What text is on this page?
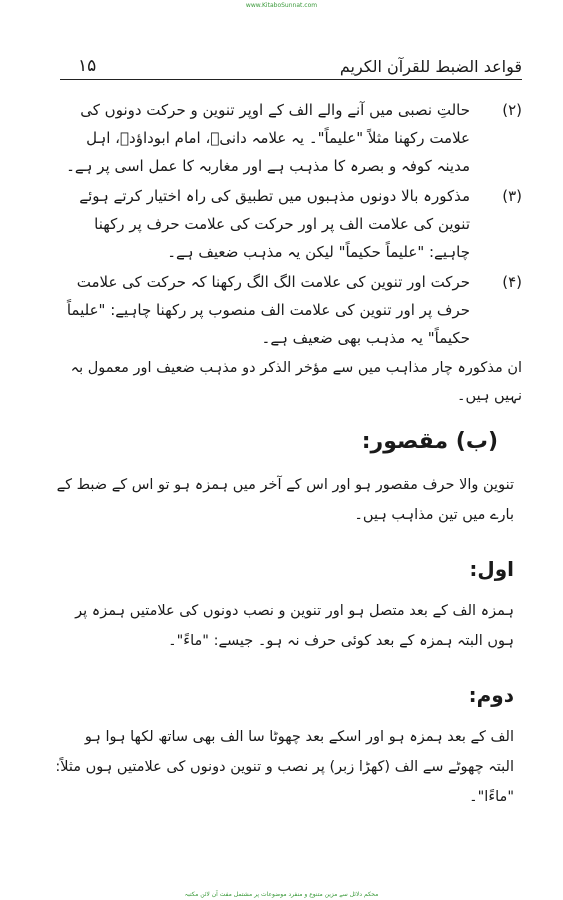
www.KitaboSunnat.com
۱۵	قواعد الضبط للقرآن الكريم
(۲)
حالتِ نصبی میں آنے والے الف کے اوپر تنوین و حرکت دونوں کی علامت رکھنا مثلاً "علیماً"۔ یہ علامہ دانیؒ، امام ابوداؤدؒ، اہل مدینہ کوفہ و بصرہ کا مذہب ہے اور مغاربہ کا عمل اسی پر ہے۔
(۳)
مذکورہ بالا دونوں مذہبوں میں تطبیق کی راہ اختیار کرتے ہوئے تنوین کی علامت الف پر اور حرکت کی علامت حرف پر رکھنا چاہیے: "علیماً حکیماً" لیکن یہ مذہب ضعیف ہے۔
(۴)
حرکت اور تنوین کی علامت الگ الگ رکھنا کہ حرکت کی علامت حرف پر اور تنوین کی علامت الف منصوب پر رکھنا چاہیے: "علیماً حکیماً" یہ مذہب بھی ضعیف ہے۔
ان مذکورہ چار مذاہب میں سے مؤخر الذکر دو مذہب ضعیف اور معمول بہ نہیں ہیں۔
(ب) مقصور:
تنوین والا حرف مقصور ہو اور اس کے آخر میں ہمزہ ہو تو اس کے ضبط کے بارے میں تین مذاہب ہیں۔
اول:
ہمزہ الف کے بعد متصل ہو اور تنوین و نصب دونوں کی علامتیں ہمزہ پر ہوں البتہ ہمزہ کے بعد کوئی حرف نہ ہو۔ جیسے: "ماءً"۔
دوم:
الف کے بعد ہمزہ ہو اور اسکے بعد چھوٹا سا الف بھی ساتھ لکھا ہوا ہو البتہ چھوٹے سے الف (کھڑا زبر) پر نصب و تنوین دونوں کی علامتیں ہوں مثلاً: "ماءًا"۔
محکم دلائل سے مزین متنوع و منفرد موضوعات پر مشتمل مفت آن لائن مکتبہ
